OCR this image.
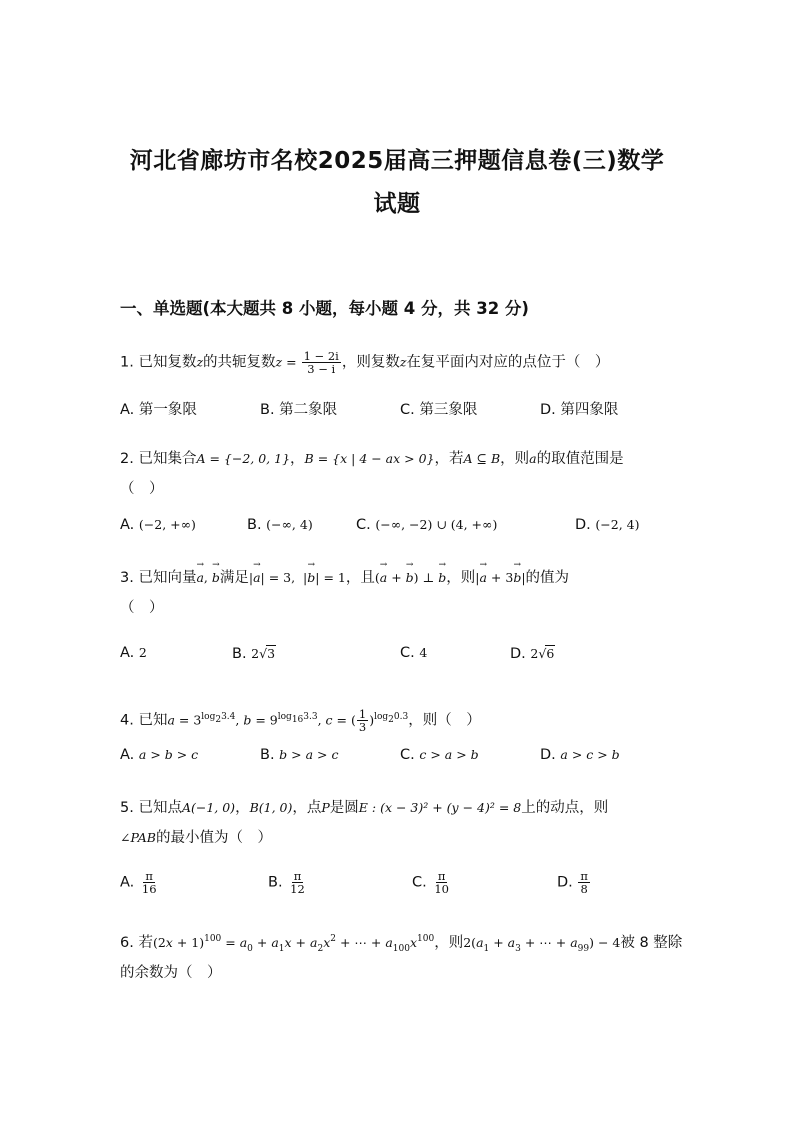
河北省廊坊市名校2025届高三押题信息卷(三)数学
试题
一、单选题(本大题共 8 小题，每小题 4 分，共 32 分)
1. 已知复数z的共轭复数$z = \frac{1 - 2i}{3 - i}$ ，则复数z在复平面内对应的点位于（　）
A. 第一象限	B. 第二象限	C. 第三象限	D. 第四象限
2. 已知集合A = {−2, 0, 1}，B = {x | 4 − ax > 0}，若A ⊆ B，则a的取值范围是
（　）
A. (−2, +∞)	B. (−∞, 4)	C. (−∞, −2) ∪ (4, +∞)	D. (−2, 4)
3. 已知向量→ a, → b满足|→ a| = 3,  |→ b| = 1，且(→ a + → b) ⊥ → b，则|→ a + 3→ b|的值为
（　）
A. 2	B. 2√3	C. 4	D. 2√6
4. 已知$a = 3^{log_23.4}$, $b = 9^{log_{16}3.3}$, c = ( $\frac{1}{3} )^{log_20.3}$，则（　）
A. a > b > c	B. b > a > c	C. c > a > b	D. a > c > b
5. 已知点A(−1, 0)，B(1, 0)，点P是圆E : (x − 3)² + (y − 4)² = 8上的动点，则
∠PAB的最小值为（　）
A. $\frac{\pi}{16}$	B. $\frac{\pi}{12}$	C. $\frac{\pi}{10}$	D. $\frac{\pi}{8}$
6. 若$(2x + 1)^{100} = a_0 + a_1x + a_2x^2$ + ⋯ + $a_{100}x^{100}$，则$2(a_1 + a_3$ + ⋯ + $a_{99}) - 4$被 8 整除
的余数为（　）
